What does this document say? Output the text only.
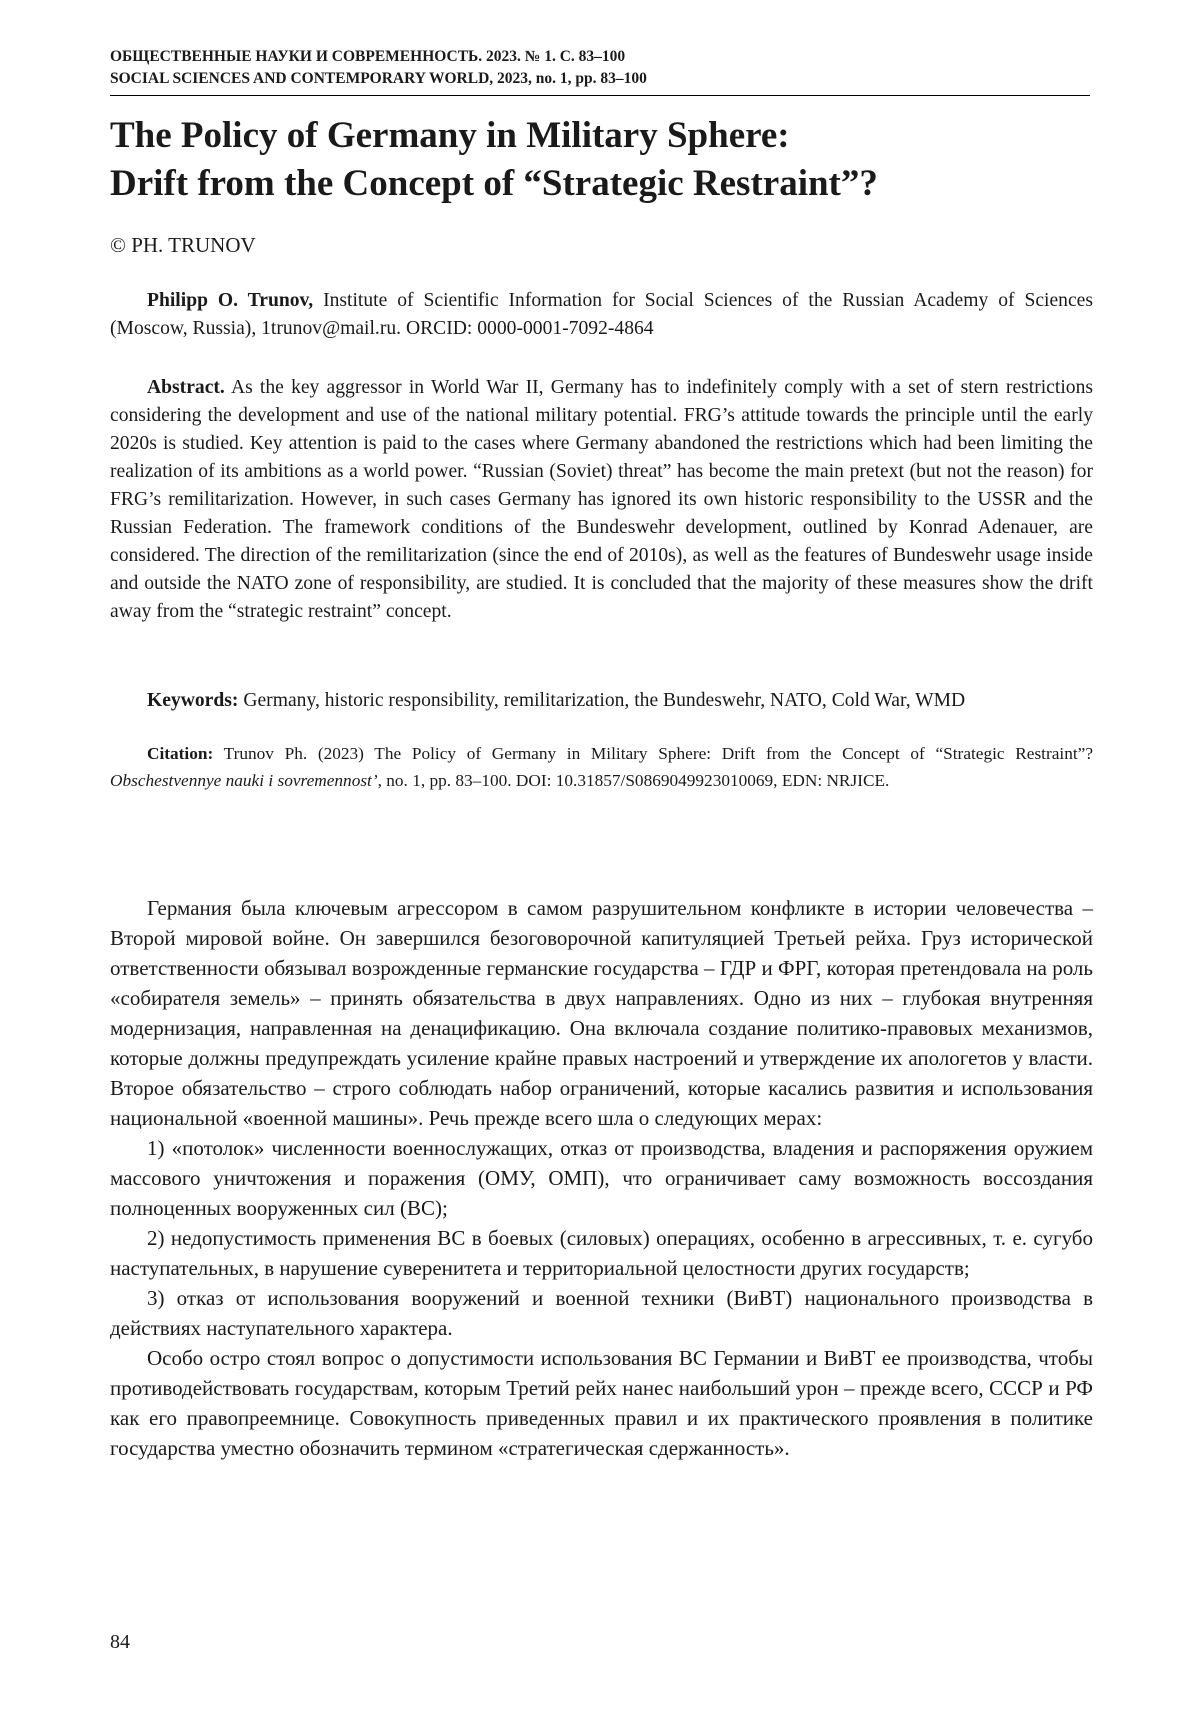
ОБЩЕСТВЕННЫЕ НАУКИ И СОВРЕМЕННОСТЬ. 2023. № 1. С. 83–100
SOCIAL SCIENCES AND CONTEMPORARY WORLD, 2023, no. 1, pp. 83–100
The Policy of Germany in Military Sphere:
Drift from the Concept of “Strategic Restraint”?
© PH. TRUNOV

Philipp O. Trunov, Institute of Scientific Information for Social Sciences of the Russian Academy of Sciences (Moscow, Russia), 1trunov@mail.ru. ORCID: 0000-0001-7092-4864

Abstract. As the key aggressor in World War II, Germany has to indefinitely comply with a set of stern restrictions considering the development and use of the national military potential. FRG’s attitude towards the principle until the early 2020s is studied. Key attention is paid to the cases where Germany abandoned the restrictions which had been limiting the realization of its ambitions as a world power. “Russian (Soviet) threat” has become the main pretext (but not the reason) for FRG’s remilitarization. However, in such cases Germany has ignored its own historic responsibility to the USSR and the Russian Federation. The framework conditions of the Bundeswehr development, outlined by Konrad Adenauer, are considered. The direction of the remilitarization (since the end of 2010s), as well as the features of Bundeswehr usage inside and outside the NATO zone of responsibility, are studied. It is concluded that the majority of these measures show the drift away from the “strategic restraint” concept.

Keywords: Germany, historic responsibility, remilitarization, the Bundeswehr, NATO, Cold War, WMD

Citation: Trunov Ph. (2023) The Policy of Germany in Military Sphere: Drift from the Concept of “Strategic Restraint”? Obschestvennye nauki i sovremennost’, no. 1, pp. 83–100. DOI: 10.31857/S0869049923010069, EDN: NRJICE.

Германия была ключевым агрессором в самом разрушительном конфликте в истории человечества – Второй мировой войне. Он завершился безоговорочной капитуляцией Третьей рейха. Груз исторической ответственности обязывал возрожденные германские государства – ГДР и ФРГ, которая претендовала на роль «собирателя земель» – принять обязательства в двух направлениях. Одно из них – глубокая внутренняя модернизация, направленная на денацификацию. Она включала создание политико-правовых механизмов, которые должны предупреждать усиление крайне правых настроений и утверждение их апологетов у власти. Второе обязательство – строго соблюдать набор ограничений, которые касались развития и использования национальной «военной машины». Речь прежде всего шла о следующих мерах:

1) «потолок» численности военнослужащих, отказ от производства, владения и распоряжения оружием массового уничтожения и поражения (ОМУ, ОМП), что ограничивает саму возможность воссоздания полноценных вооруженных сил (ВС);

2) недопустимость применения ВС в боевых (силовых) операциях, особенно в агрессивных, т. е. сугубо наступательных, в нарушение суверенитета и территориальной целостности других государств;

3) отказ от использования вооружений и военной техники (ВиВТ) национального производства в действиях наступательного характера.

Особо остро стоял вопрос о допустимости использования ВС Германии и ВиВТ ее производства, чтобы противодействовать государствам, которым Третий рейх нанес наибольший урон – прежде всего, СССР и РФ как его правопреемнице. Совокупность приведенных правил и их практического проявления в политике государства уместно обозначить термином «стратегическая сдержанность».

84
